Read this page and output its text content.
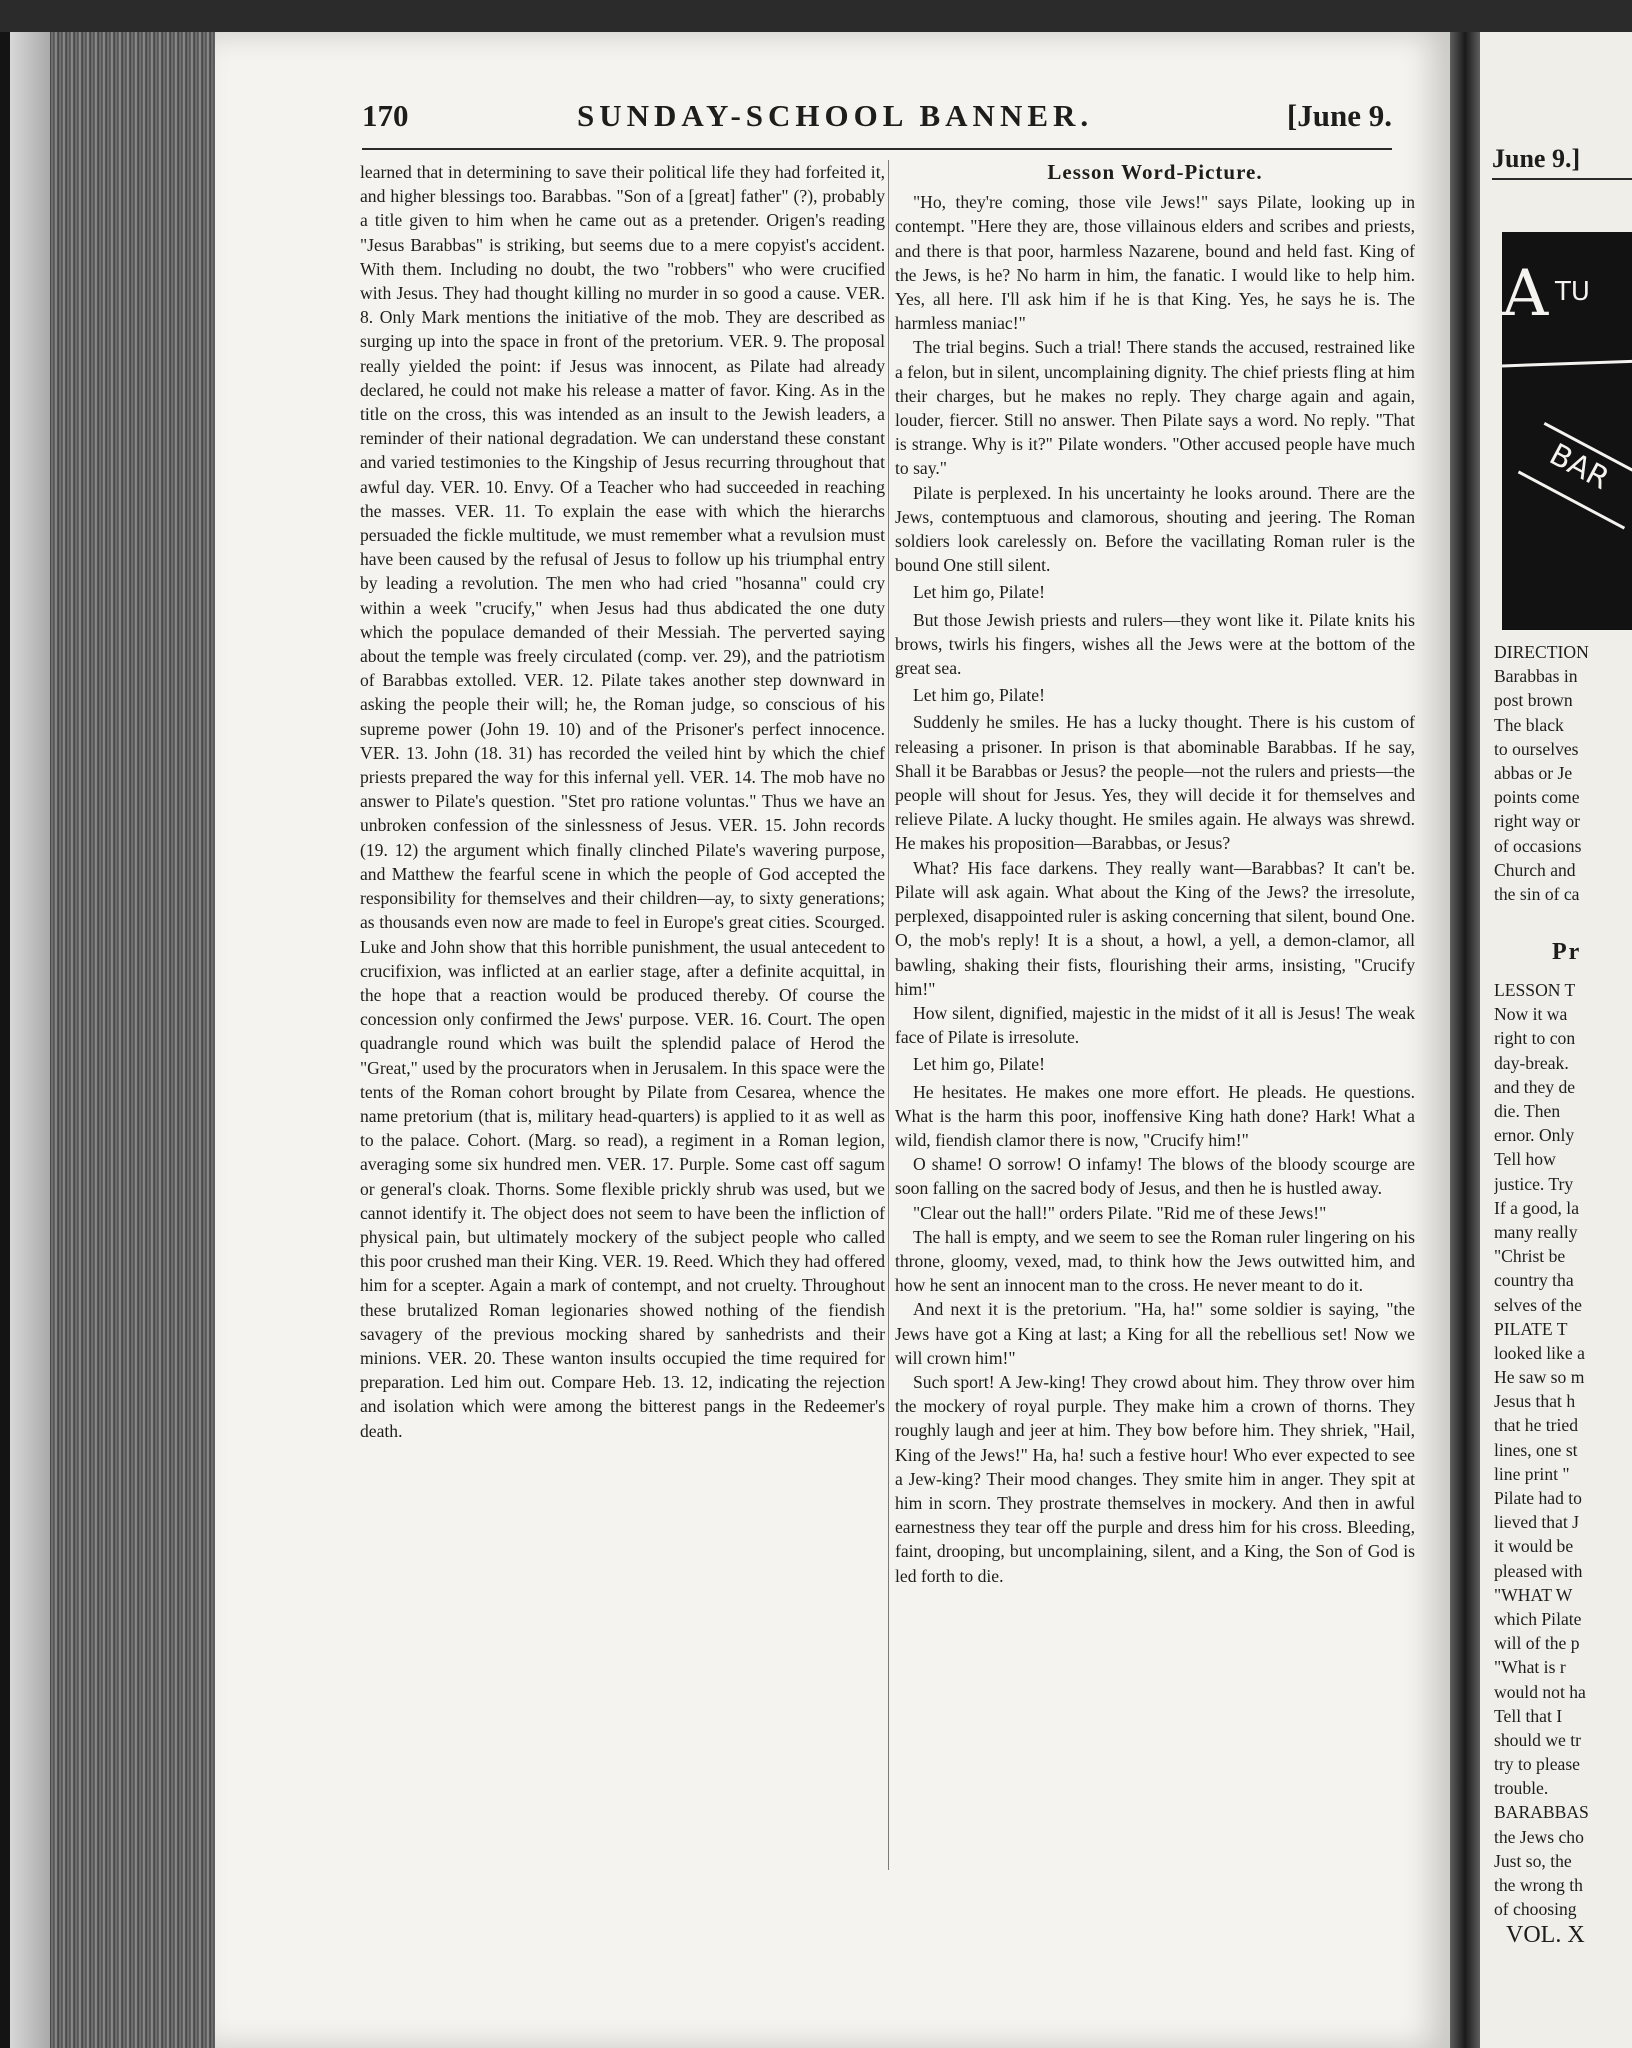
170	SUNDAY-SCHOOL BANNER.	[June 9.

learned that in determining to save their political life they had forfeited it, and higher blessings too. Barabbas. "Son of a [great] father" (?), probably a title given to him when he came out as a pretender. Origen's reading "Jesus Barabbas" is striking, but seems due to a mere copyist's accident. With them. Including no doubt, the two "robbers" who were crucified with Jesus. They had thought killing no murder in so good a cause. VER. 8. Only Mark mentions the initiative of the mob. They are described as surging up into the space in front of the pretorium. VER. 9. The proposal really yielded the point: if Jesus was innocent, as Pilate had already declared, he could not make his release a matter of favor. King. As in the title on the cross, this was intended as an insult to the Jewish leaders, a reminder of their national degradation. We can understand these constant and varied testimonies to the Kingship of Jesus recurring throughout that awful day. VER. 10. Envy. Of a Teacher who had succeeded in reaching the masses. VER. 11. To explain the ease with which the hierarchs persuaded the fickle multitude, we must remember what a revulsion must have been caused by the refusal of Jesus to follow up his triumphal entry by leading a revolution. The men who had cried "hosanna" could cry within a week "crucify," when Jesus had thus abdicated the one duty which the populace demanded of their Messiah. The perverted saying about the temple was freely circulated (comp. ver. 29), and the patriotism of Barabbas extolled. VER. 12. Pilate takes another step downward in asking the people their will; he, the Roman judge, so conscious of his supreme power (John 19. 10) and of the Prisoner's perfect innocence. VER. 13. John (18. 31) has recorded the veiled hint by which the chief priests prepared the way for this infernal yell. VER. 14. The mob have no answer to Pilate's question. "Stet pro ratione voluntas." Thus we have an unbroken confession of the sinlessness of Jesus. VER. 15. John records (19. 12) the argument which finally clinched Pilate's wavering purpose, and Matthew the fearful scene in which the people of God accepted the responsibility for themselves and their children—ay, to sixty generations; as thousands even now are made to feel in Europe's great cities. Scourged. Luke and John show that this horrible punishment, the usual antecedent to crucifixion, was inflicted at an earlier stage, after a definite acquittal, in the hope that a reaction would be produced thereby. Of course the concession only confirmed the Jews' purpose. VER. 16. Court. The open quadrangle round which was built the splendid palace of Herod the "Great," used by the procurators when in Jerusalem. In this space were the tents of the Roman cohort brought by Pilate from Cesarea, whence the name pretorium (that is, military head-quarters) is applied to it as well as to the palace. Cohort. (Marg. so read), a regiment in a Roman legion, averaging some six hundred men. VER. 17. Purple. Some cast off sagum or general's cloak. Thorns. Some flexible prickly shrub was used, but we cannot identify it. The object does not seem to have been the infliction of physical pain, but ultimately mockery of the subject people who called this poor crushed man their King. VER. 19. Reed. Which they had offered him for a scepter. Again a mark of contempt, and not cruelty. Throughout these brutalized Roman legionaries showed nothing of the fiendish savagery of the previous mocking shared by sanhedrists and their minions. VER. 20. These wanton insults occupied the time required for preparation. Led him out. Compare Heb. 13. 12, indicating the rejection and isolation which were among the bitterest pangs in the Redeemer's death.

Lesson Word-Picture.

"Ho, they're coming, those vile Jews!" says Pilate, looking up in contempt. "Here they are, those villainous elders and scribes and priests, and there is that poor, harmless Nazarene, bound and held fast. King of the Jews, is he? No harm in him, the fanatic. I would like to help him. Yes, all here. I'll ask him if he is that King. Yes, he says he is. The harmless maniac!"

The trial begins. Such a trial! There stands the accused, restrained like a felon, but in silent, uncomplaining dignity. The chief priests fling at him their charges, but he makes no reply. They charge again and again, louder, fiercer. Still no answer. Then Pilate says a word. No reply. "That is strange. Why is it?" Pilate wonders. "Other accused people have much to say."

Pilate is perplexed. In his uncertainty he looks around. There are the Jews, contemptuous and clamorous, shouting and jeering. The Roman soldiers look carelessly on. Before the vacillating Roman ruler is the bound One still silent.

Let him go, Pilate!

But those Jewish priests and rulers—they wont like it. Pilate knits his brows, twirls his fingers, wishes all the Jews were at the bottom of the great sea.

Let him go, Pilate!

Suddenly he smiles. He has a lucky thought. There is his custom of releasing a prisoner. In prison is that abominable Barabbas. If he say, Shall it be Barabbas or Jesus? the people—not the rulers and priests—the people will shout for Jesus. Yes, they will decide it for themselves and relieve Pilate. A lucky thought. He smiles again. He always was shrewd. He makes his proposition—Barabbas, or Jesus?

What? His face darkens. They really want—Barabbas? It can't be. Pilate will ask again. What about the King of the Jews? the irresolute, perplexed, disappointed ruler is asking concerning that silent, bound One. O, the mob's reply! It is a shout, a howl, a yell, a demon-clamor, all bawling, shaking their fists, flourishing their arms, insisting, "Crucify him!"

How silent, dignified, majestic in the midst of it all is Jesus! The weak face of Pilate is irresolute.

Let him go, Pilate!

He hesitates. He makes one more effort. He pleads. He questions. What is the harm this poor, inoffensive King hath done? Hark! What a wild, fiendish clamor there is now, "Crucify him!"

O shame! O sorrow! O infamy! The blows of the bloody scourge are soon falling on the sacred body of Jesus, and then he is hustled away.

"Clear out the hall!" orders Pilate. "Rid me of these Jews!"

The hall is empty, and we seem to see the Roman ruler lingering on his throne, gloomy, vexed, mad, to think how the Jews outwitted him, and how he sent an innocent man to the cross. He never meant to do it.

And next it is the pretorium. "Ha, ha!" some soldier is saying, "the Jews have got a King at last; a King for all the rebellious set! Now we will crown him!"

Such sport! A Jew-king! They crowd about him. They throw over him the mockery of royal purple. They make him a crown of thorns. They roughly laugh and jeer at him. They bow before him. They shriek, "Hail, King of the Jews!" Ha, ha! such a festive hour! Who ever expected to see a Jew-king? Their mood changes. They smite him in anger. They spit at him in scorn. They prostrate themselves in mockery. And then in awful earnestness they tear off the purple and dress him for his cross. Bleeding, faint, drooping, but uncomplaining, silent, and a King, the Son of God is led forth to die.

June 9.]
A TU
BAR
DIRECTION
Barabbas in
post brown
The black
to ourselves
abbas or Je
points come
right way or
of occasions
Church and
the sin of ca
Pr
LESSON T
Now it wa
right to con
day-break.
and they de
die. Then
ernor. Only
Tell how
justice. Try
If a good, la
many really
"Christ be
country tha
selves of the
PILATE T
looked like a
He saw so m
Jesus that h
that he tried
lines, one st
line print "
Pilate had to
lieved that J
it would be
pleased with
"WHAT W
which Pilate
will of the p
"What is r
would not ha
Tell that I
should we tr
try to please
trouble.
BARABBAS
the Jews cho
Just so, the
the wrong th
of choosing
VOL. X
